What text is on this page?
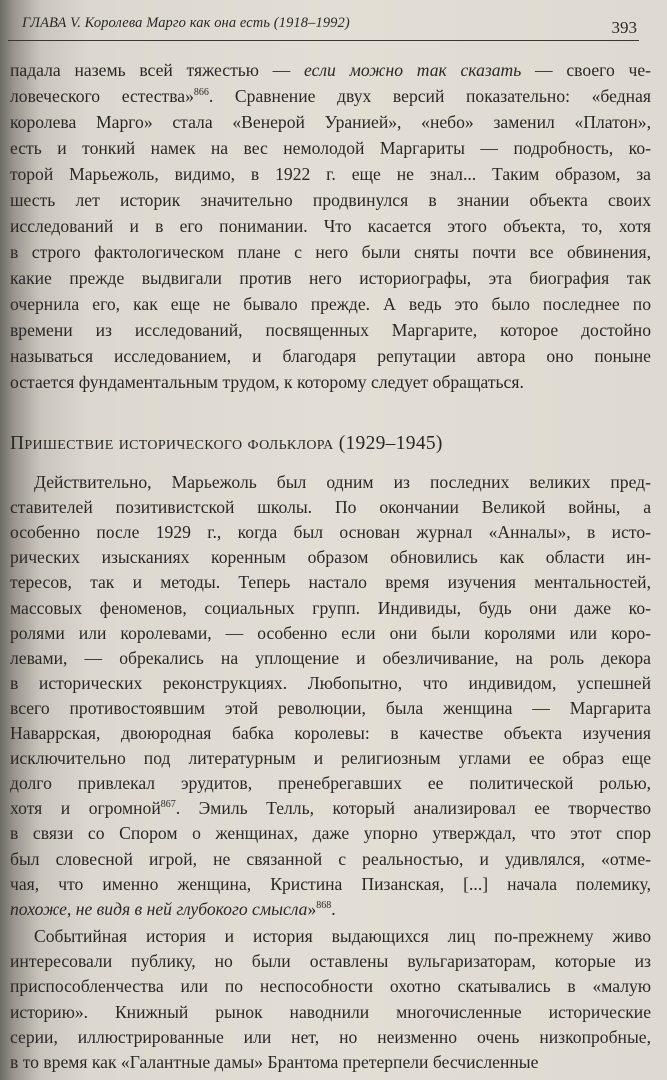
ГЛАВА V. Королева Марго как она есть (1918–1992)	393
падала наземь всей тяжестью — если можно так сказать — своего че-
ловеческого естества»$^{866}$. Сравнение двух версий показательно: «бедная
королева Марго» стала «Венерой Уранией», «небо» заменил «Платон»,
есть и тонкий намек на вес немолодой Маргариты — подробность, ко-
торой Марьежоль, видимо, в 1922 г. еще не знал... Таким образом, за
шесть лет историк значительно продвинулся в знании объекта своих
исследований и в его понимании. Что касается этого объекта, то, хотя
в строго фактологическом плане с него были сняты почти все обвинения,
какие прежде выдвигали против него историографы, эта биография так
очернила его, как еще не бывало прежде. А ведь это было последнее по
времени из исследований, посвященных Маргарите, которое достойно
называться исследованием, и благодаря репутации автора оно поныне
остается фундаментальным трудом, к которому следует обращаться.
Пришествие исторического фольклора (1929–1945)
Действительно, Марьежоль был одним из последних великих пред-
ставителей позитивистской школы. По окончании Великой войны, а
особенно после 1929 г., когда был основан журнал «Анналы», в исто-
рических изысканиях коренным образом обновились как области ин-
тересов, так и методы. Теперь настало время изучения ментальностей,
массовых феноменов, социальных групп. Индивиды, будь они даже ко-
ролями или королевами, — особенно если они были королями или коро-
левами, — обрекались на уплощение и обезличивание, на роль декора
в исторических реконструкциях. Любопытно, что индивидом, успешней
всего противостоявшим этой революции, была женщина — Маргарита
Наваррская, двоюродная бабка королевы: в качестве объекта изучения
исключительно под литературным и религиозным углами ее образ еще
долго привлекал эрудитов, пренебрегавших ее политической ролью,
хотя и огромной$^{867}$. Эмиль Телль, который анализировал ее творчество
в связи со Спором о женщинах, даже упорно утверждал, что этот спор
был словесной игрой, не связанной с реальностью, и удивлялся, «отме-
чая, что именно женщина, Кристина Пизанская, [...] начала полемику,
похоже, не видя в ней глубокого смысла»$^{868}$.
Событийная история и история выдающихся лиц по-прежнему живо
интересовали публику, но были оставлены вульгаризаторам, которые из
приспособленчества или по неспособности охотно скатывались в «малую
историю». Книжный рынок наводнили многочисленные исторические
серии, иллюстрированные или нет, но неизменно очень низкопробные,
в то время как «Галантные дамы» Брантома претерпели бесчисленные
